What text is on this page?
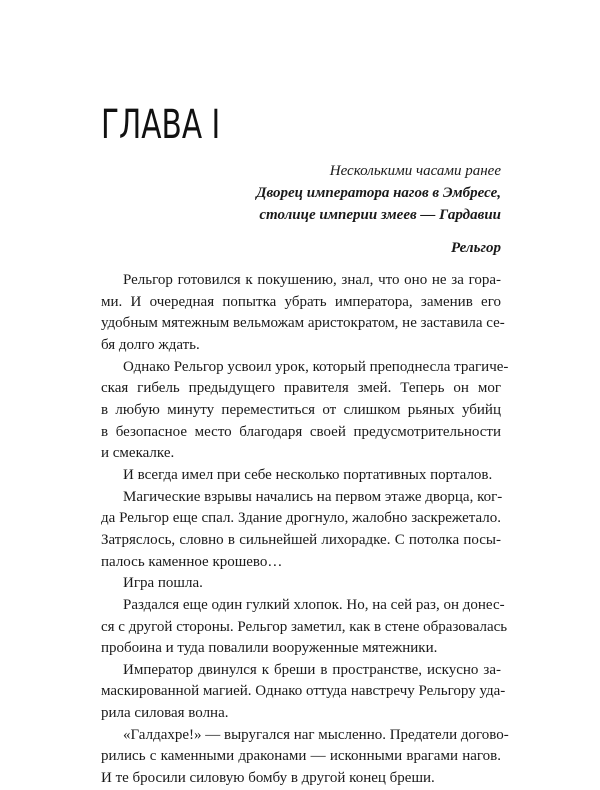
ГЛАВА I
Несколькими часами ранее
Дворец императора нагов в Эмбресе,
столице империи змеев — Гардавии
Рельгор
Рельгор готовился к покушению, знал, что оно не за гора-
ми. И очередная попытка убрать императора, заменив его
удобным мятежным вельможам аристократом, не заставила се-
бя долго ждать.
Однако Рельгор усвоил урок, который преподнесла трагиче-
ская гибель предыдущего правителя змей. Теперь он мог
в любую минуту переместиться от слишком рьяных убийц
в безопасное место благодаря своей предусмотрительности
и смекалке.
И всегда имел при себе несколько портативных порталов.
Магические взрывы начались на первом этаже дворца, ког-
да Рельгор еще спал. Здание дрогнуло, жалобно заскрежетало.
Затряслось, словно в сильнейшей лихорадке. С потолка посы-
палось каменное крошево…
Игра пошла.
Раздался еще один гулкий хлопок. Но, на сей раз, он донес-
ся с другой стороны. Рельгор заметил, как в стене образовалась
пробоина и туда повалили вооруженные мятежники.
Император двинулся к бреши в пространстве, искусно за-
маскированной магией. Однако оттуда навстречу Рельгору уда-
рила силовая волна.
«Галдахре!» — выругался наг мысленно. Предатели догово-
рились с каменными драконами — исконными врагами нагов.
И те бросили силовую бомбу в другой конец бреши.
